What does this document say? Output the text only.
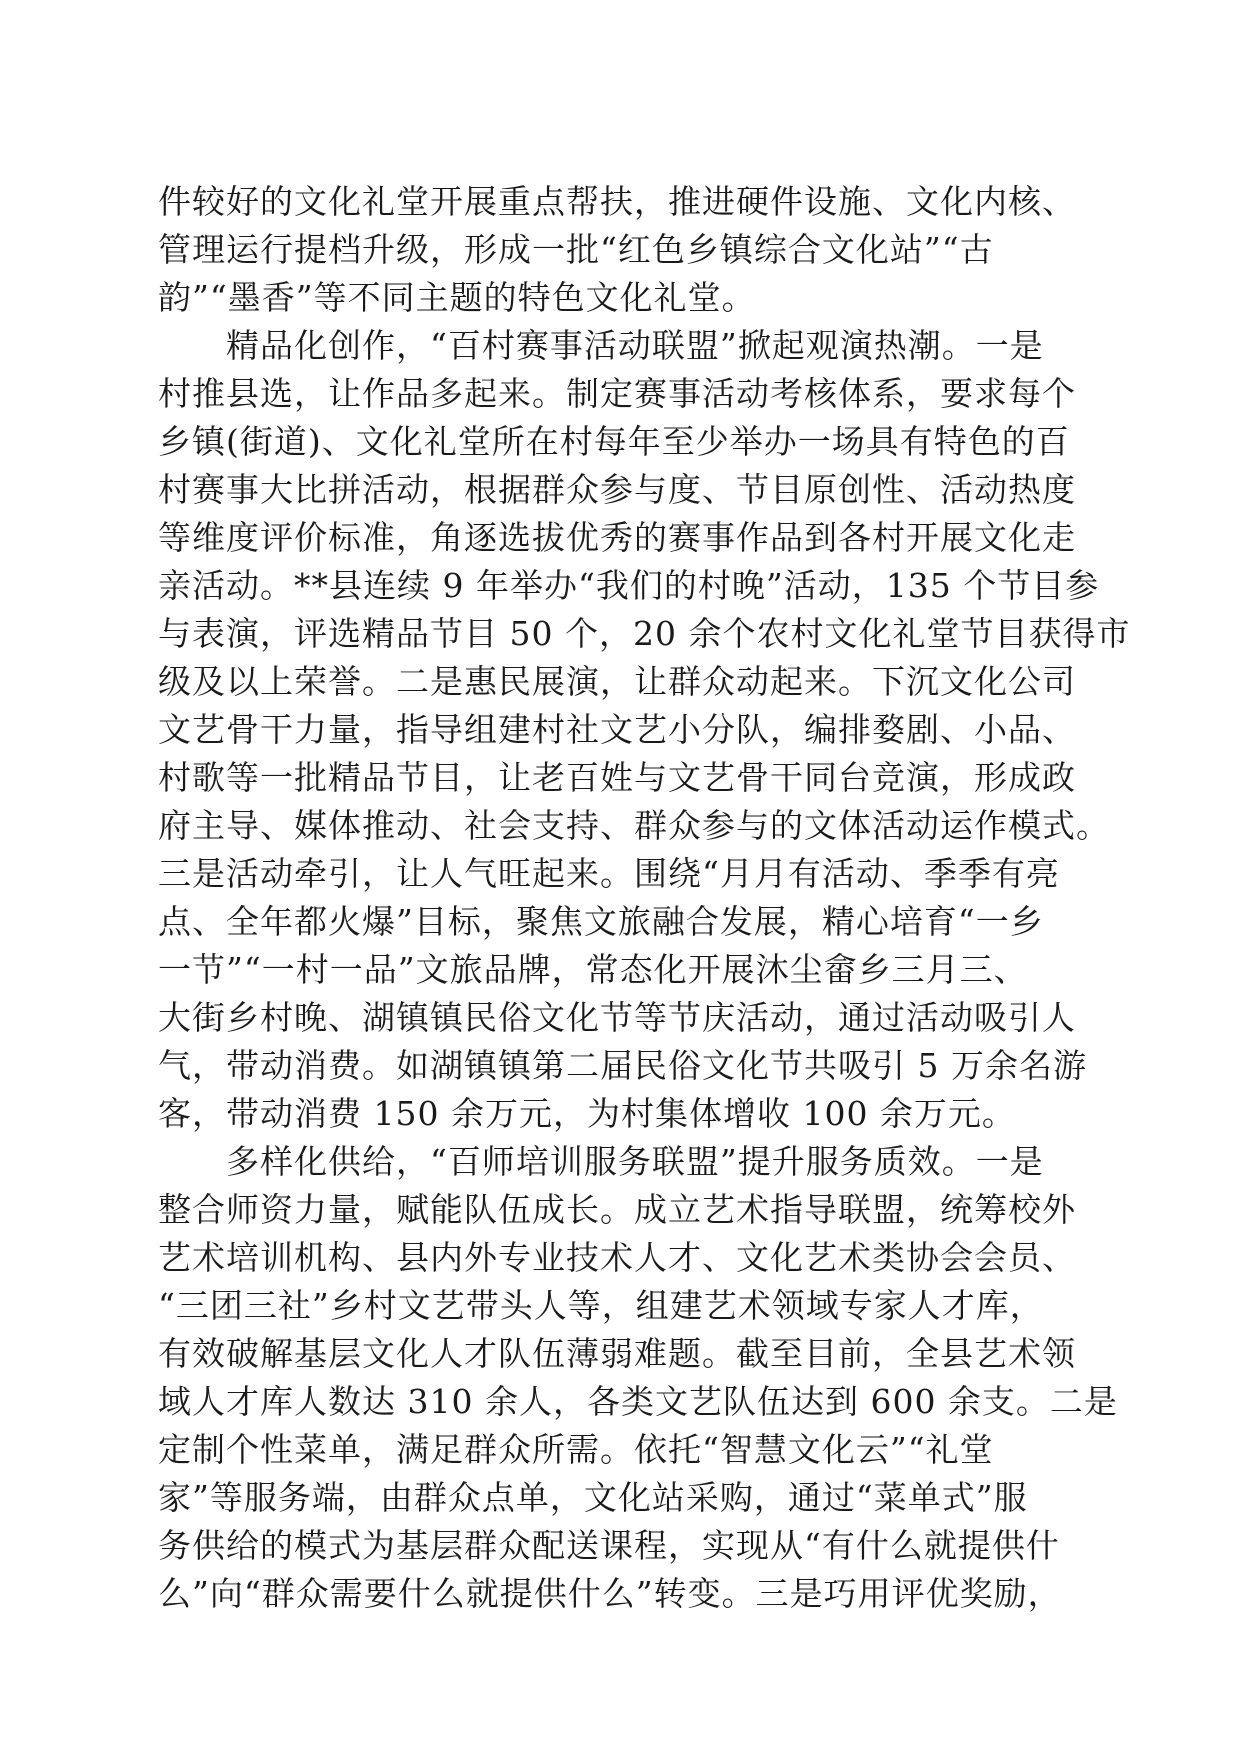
件较好的文化礼堂开展重点帮扶，推进硬件设施、文化内核、
管理运行提档升级，形成一批“红色乡镇综合文化站”“古
韵”“墨香”等不同主题的特色文化礼堂。
精品化创作，“百村赛事活动联盟”掀起观演热潮。一是
村推县选，让作品多起来。制定赛事活动考核体系，要求每个
乡镇(街道)、文化礼堂所在村每年至少举办一场具有特色的百
村赛事大比拼活动，根据群众参与度、节目原创性、活动热度
等维度评价标准，角逐选拔优秀的赛事作品到各村开展文化走
亲活动。**县连续 9 年举办“我们的村晚”活动，135 个节目参
与表演，评选精品节目 50 个，20 余个农村文化礼堂节目获得市
级及以上荣誉。二是惠民展演，让群众动起来。下沉文化公司
文艺骨干力量，指导组建村社文艺小分队，编排婺剧、小品、
村歌等一批精品节目，让老百姓与文艺骨干同台竞演，形成政
府主导、媒体推动、社会支持、群众参与的文体活动运作模式。
三是活动牵引，让人气旺起来。围绕“月月有活动、季季有亮
点、全年都火爆”目标，聚焦文旅融合发展，精心培育“一乡
一节”“一村一品”文旅品牌，常态化开展沐尘畲乡三月三、
大街乡村晚、湖镇镇民俗文化节等节庆活动，通过活动吸引人
气，带动消费。如湖镇镇第二届民俗文化节共吸引 5 万余名游
客，带动消费 150 余万元，为村集体增收 100 余万元。
多样化供给，“百师培训服务联盟”提升服务质效。一是
整合师资力量，赋能队伍成长。成立艺术指导联盟，统筹校外
艺术培训机构、县内外专业技术人才、文化艺术类协会会员、
“三团三社”乡村文艺带头人等，组建艺术领域专家人才库，
有效破解基层文化人才队伍薄弱难题。截至目前，全县艺术领
域人才库人数达 310 余人，各类文艺队伍达到 600 余支。二是
定制个性菜单，满足群众所需。依托“智慧文化云”“礼堂
家”等服务端，由群众点单，文化站采购，通过“菜单式”服
务供给的模式为基层群众配送课程，实现从“有什么就提供什
么”向“群众需要什么就提供什么”转变。三是巧用评优奖励，
